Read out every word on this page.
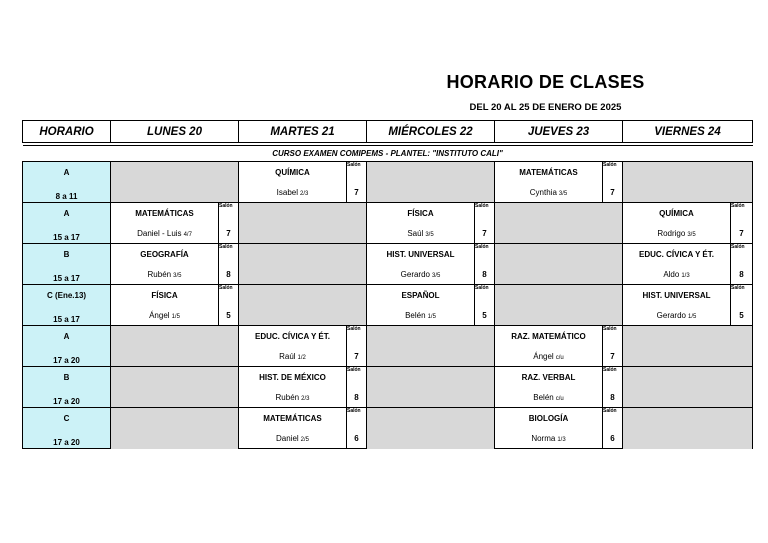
HORARIO DE CLASES
DEL 20 AL 25 DE ENERO DE 2025
HORARIO	LUNES 20		MARTES 21		MIÉRCOLES 22		JUEVES 23		VIERNES 24	

CURSO EXAMEN COMIPEMS - PLANTEL: "INSTITUTO CALI"										
A			QUÍMICA	Salón			MATEMÁTICAS	Salón		
8 a 11			Isabel 2/3	7			Cynthia 3/5	7		
A	MATEMÁTICAS	Salón			FÍSICA	Salón			QUÍMICA	Salón
15 a 17	Daniel - Luis 4/7	7			Saúl 3/5	7			Rodrigo 3/5	7
B	GEOGRAFÍA	Salón			HIST. UNIVERSAL	Salón			EDUC. CÍVICA Y ÉT.	Salón
15 a 17	Rubén 3/5	8			Gerardo 3/5	8			Aldo 1/3	8
C (Ene.13)	FÍSICA	Salón			ESPAÑOL	Salón			HIST. UNIVERSAL	Salón
15 a 17	Ángel 1/5	5			Belén 1/5	5			Gerardo 1/5	5
A			EDUC. CÍVICA Y ÉT.	Salón			RAZ. MATEMÁTICO	Salón		
17 a 20			Raúl 1/2	7			Ángel c/u	7		
B			HIST. DE MÉXICO	Salón			RAZ. VERBAL	Salón		
17 a 20			Rubén 2/3	8			Belén c/u	8		
C			MATEMÁTICAS	Salón			BIOLOGÍA	Salón		
17 a 20			Daniel 2/5	6			Norma 1/3	6		
